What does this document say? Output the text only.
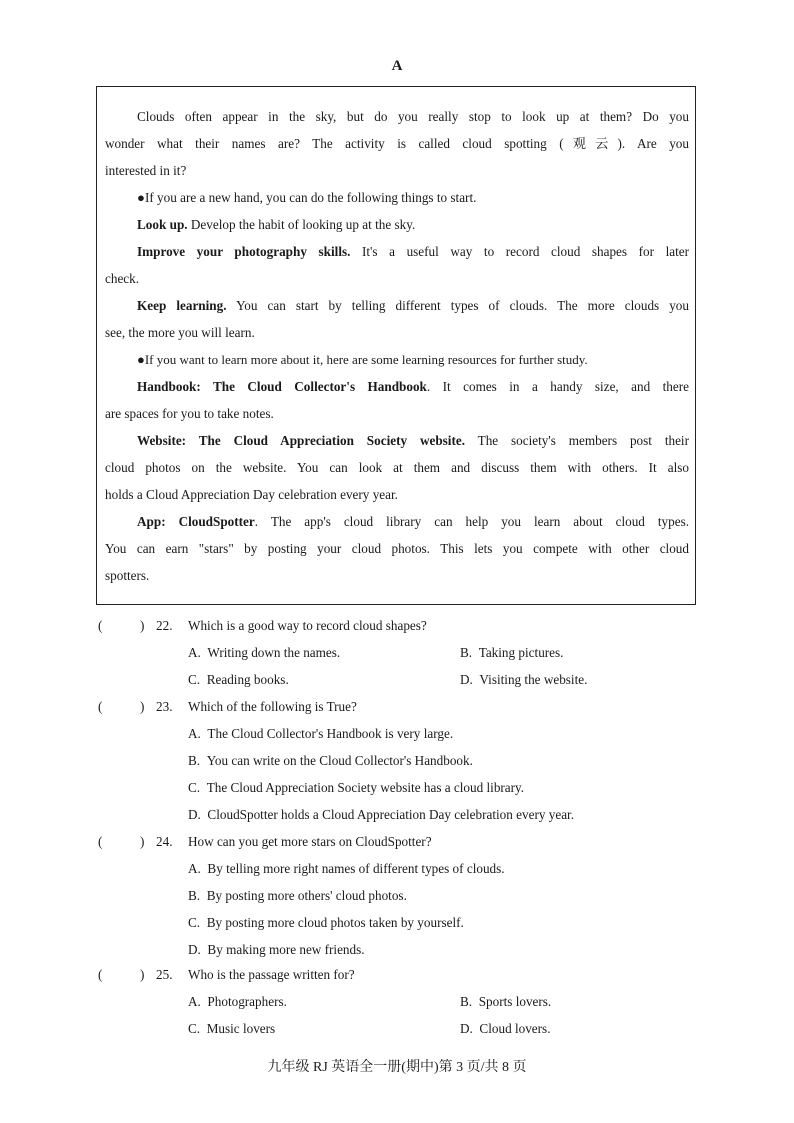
A
Clouds often appear in the sky, but do you really stop to look up at them? Do you
wonder what their names are? The activity is called cloud spotting (观云). Are you
interested in it?
●If you are a new hand, you can do the following things to start.
Look up. Develop the habit of looking up at the sky.
Improve your photography skills. It's a useful way to record cloud shapes for later
check.
Keep learning. You can start by telling different types of clouds. The more clouds you
see, the more you will learn.
●If you want to learn more about it, here are some learning resources for further study.
Handbook: The Cloud Collector's Handbook. It comes in a handy size, and there
are spaces for you to take notes.
Website: The Cloud Appreciation Society website. The society's members post their
cloud photos on the website. You can look at them and discuss them with others. It also
holds a Cloud Appreciation Day celebration every year.
App: CloudSpotter. The app's cloud library can help you learn about cloud types.
You can earn "stars" by posting your cloud photos. This lets you compete with other cloud
spotters.
(	) 22. Which is a good way to record cloud shapes?
A. Writing down the names.	B. Taking pictures.
C. Reading books.	D. Visiting the website.
(	) 23. Which of the following is True?
A. The Cloud Collector's Handbook is very large.
B. You can write on the Cloud Collector's Handbook.
C. The Cloud Appreciation Society website has a cloud library.
D. CloudSpotter holds a Cloud Appreciation Day celebration every year.
(	) 24. How can you get more stars on CloudSpotter?
A. By telling more right names of different types of clouds.
B. By posting more others' cloud photos.
C. By posting more cloud photos taken by yourself.
D. By making more new friends.
(	) 25. Who is the passage written for?
A. Photographers.	B. Sports lovers.
C. Music lovers	D. Cloud lovers.
九年级 RJ 英语全一册(期中)第 3 页/共 8 页
